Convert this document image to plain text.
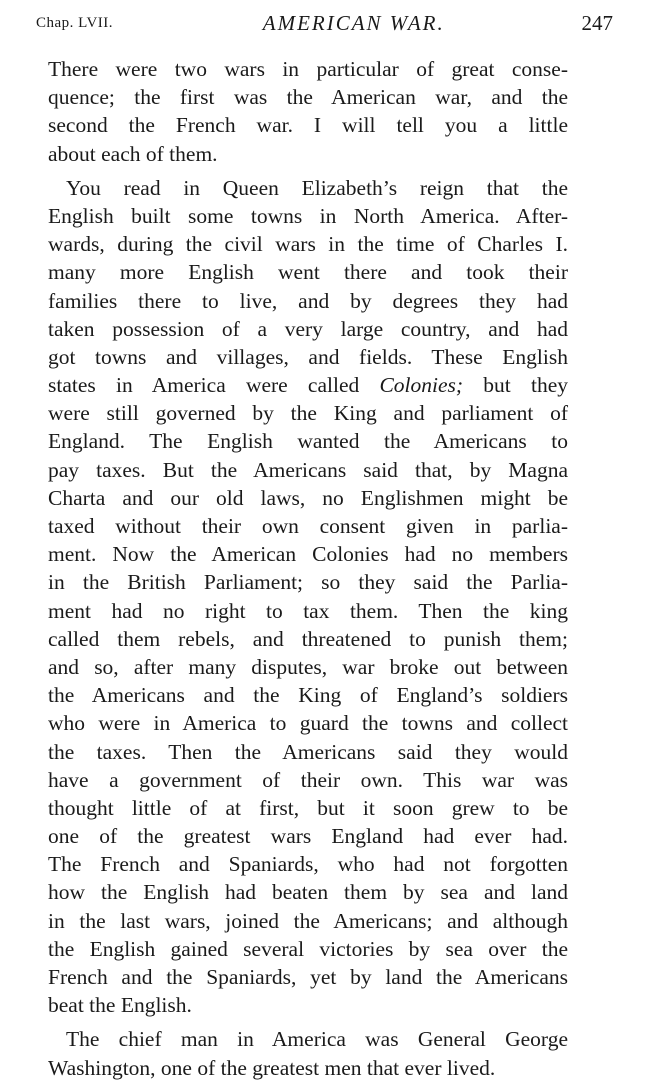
Chap. LVII.	AMERICAN WAR.	247
There were two wars in particular of great conse-
quence; the first was the American war, and the
second the French war. I will tell you a little
about each of them.
You read in Queen Elizabeth’s reign that the
English built some towns in North America. After-
wards, during the civil wars in the time of Charles I.
many more English went there and took their
families there to live, and by degrees they had
taken possession of a very large country, and had
got towns and villages, and fields. These English
states in America were called Colonies; but they
were still governed by the King and parliament of
England. The English wanted the Americans to
pay taxes. But the Americans said that, by Magna
Charta and our old laws, no Englishmen might be
taxed without their own consent given in parlia-
ment. Now the American Colonies had no members
in the British Parliament; so they said the Parlia-
ment had no right to tax them. Then the king
called them rebels, and threatened to punish them;
and so, after many disputes, war broke out between
the Americans and the King of England’s soldiers
who were in America to guard the towns and collect
the taxes. Then the Americans said they would
have a government of their own. This war was
thought little of at first, but it soon grew to be
one of the greatest wars England had ever had.
The French and Spaniards, who had not forgotten
how the English had beaten them by sea and land
in the last wars, joined the Americans; and although
the English gained several victories by sea over the
French and the Spaniards, yet by land the Americans
beat the English.
The chief man in America was General George
Washington, one of the greatest men that ever lived.
